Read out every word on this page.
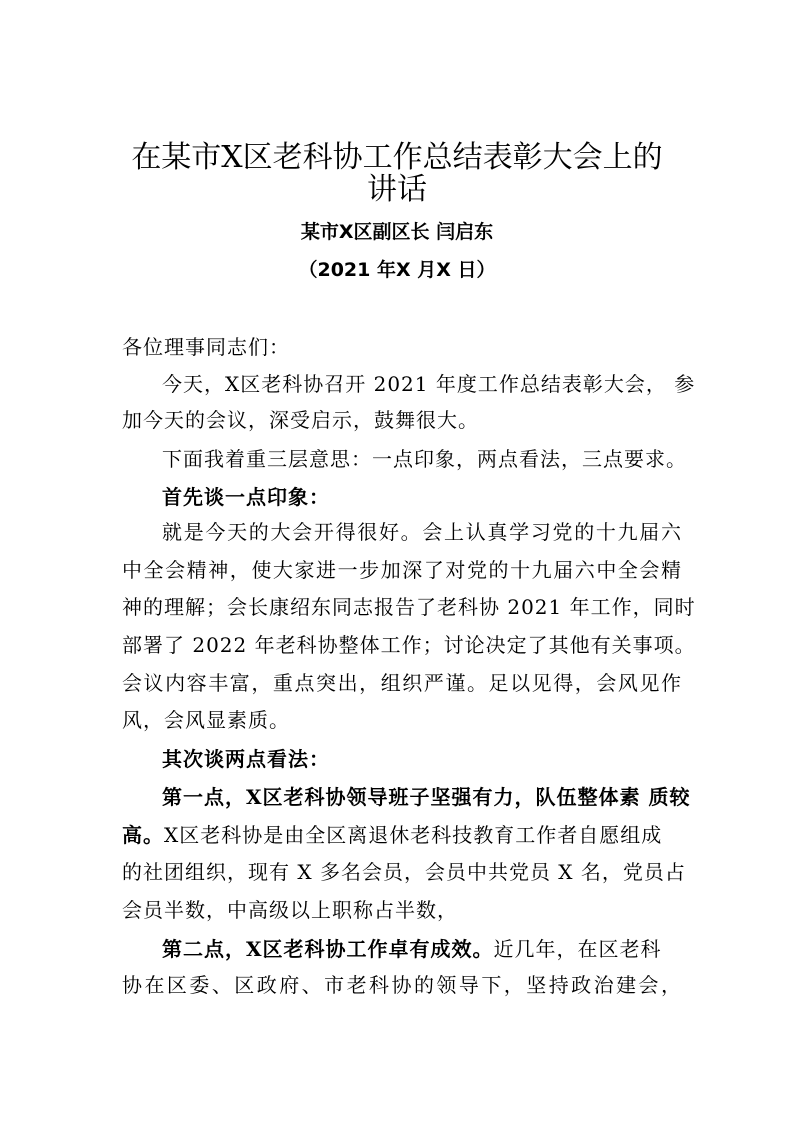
在某市X区老科协工作总结表彰大会上的
讲话
某市X区副区长 闫启东
（2021 年X 月X 日）
各位理事同志们：
今天，X区老科协召开 2021 年度工作总结表彰大会， 参
加今天的会议，深受启示，鼓舞很大。
下面我着重三层意思：一点印象，两点看法，三点要求。
首先谈一点印象：
就是今天的大会开得很好。会上认真学习党的十九届六
中全会精神，使大家进一步加深了对党的十九届六中全会精
神的理解；会长康绍东同志报告了老科协 2021 年工作，同时
部署了 2022 年老科协整体工作；讨论决定了其他有关事项。
会议内容丰富，重点突出，组织严谨。足以见得，会风见作
风，会风显素质。
其次谈两点看法：
第一点，X区老科协领导班子坚强有力，队伍整体素 质较
高。X区老科协是由全区离退休老科技教育工作者自愿组成
的社团组织，现有 X 多名会员，会员中共党员 X 名，党员占
会员半数，中高级以上职称占半数，
第二点，X区老科协工作卓有成效。近几年，在区老科
协在区委、区政府、市老科协的领导下，坚持政治建会，
